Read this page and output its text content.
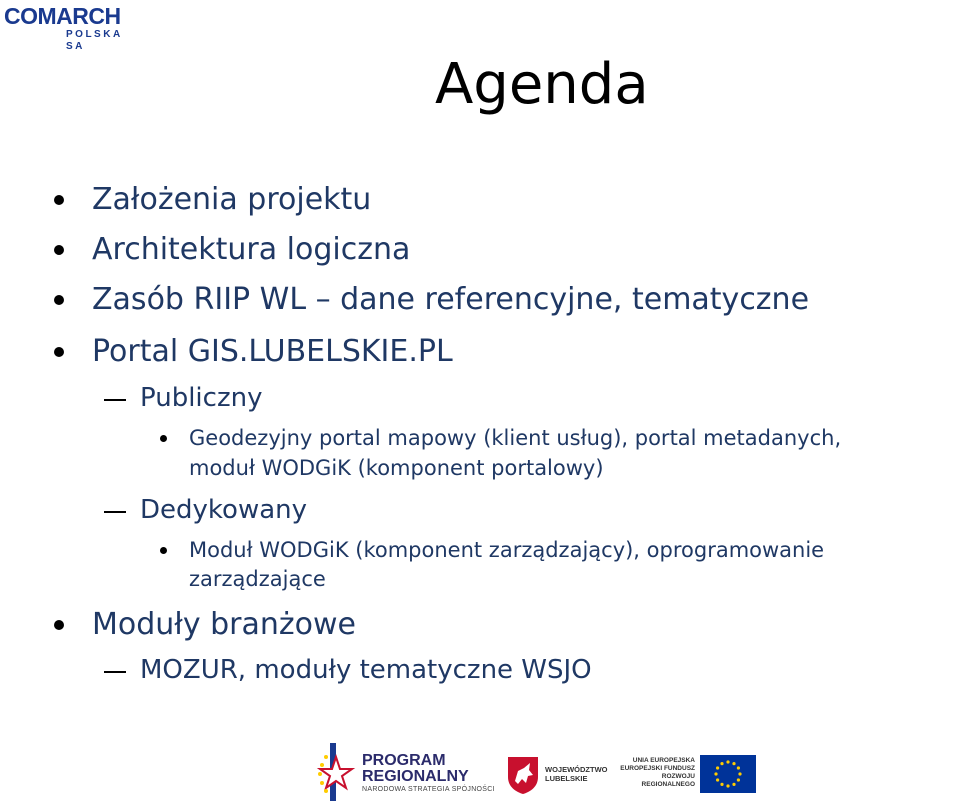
COMARCH
POLSKA SA
Agenda
Założenia projektu
Architektura logiczna
Zasób RIIP WL – dane referencyjne, tematyczne
Portal GIS.LUBELSKIE.PL
Publiczny
Geodezyjny portal mapowy (klient usług), portal metadanych,
moduł WODGiK (komponent portalowy)
Dedykowany
Moduł WODGiK (komponent zarządzający), oprogramowanie
zarządzające
Moduły branżowe
MOZUR, moduły tematyczne WSJO
PROGRAM
REGIONALNY
NARODOWA STRATEGIA SPÓJNOŚCI
WOJEWÓDZTWO
LUBELSKIE
UNIA EUROPEJSKA
EUROPEJSKI FUNDUSZ
ROZWOJU REGIONALNEGO
